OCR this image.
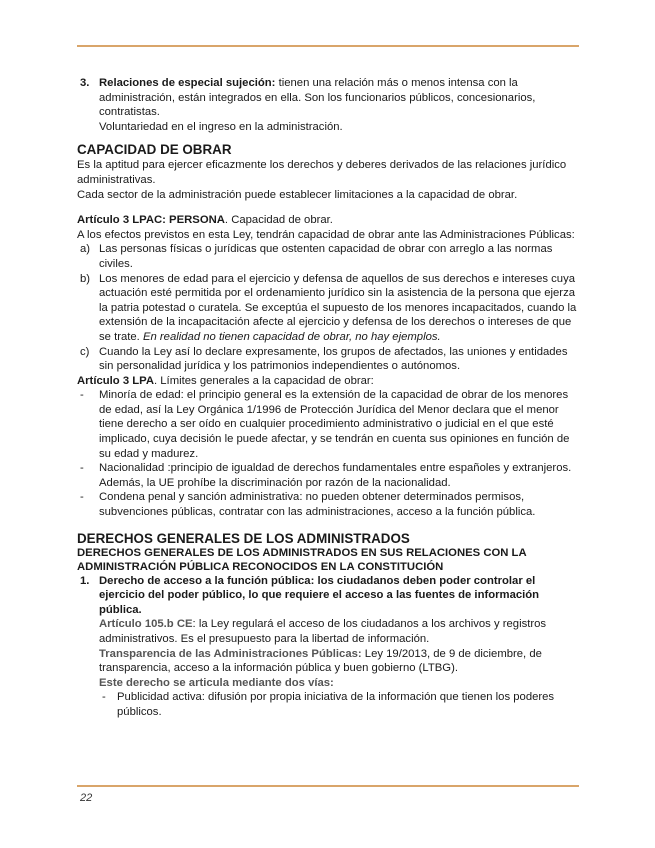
3. Relaciones de especial sujeción: tienen una relación más o menos intensa con la administración, están integrados en ella. Son los funcionarios públicos, concesionarios, contratistas.

Voluntariedad en el ingreso en la administración.

CAPACIDAD DE OBRAR

Es la aptitud para ejercer eficazmente los derechos y deberes derivados de las relaciones jurídico administrativas.

Cada sector de la administración puede establecer limitaciones a la capacidad de obrar.

Artículo 3 LPAC: PERSONA. Capacidad de obrar.

A los efectos previstos en esta Ley, tendrán capacidad de obrar ante las Administraciones Públicas:

a) Las personas físicas o jurídicas que ostenten capacidad de obrar con arreglo a las normas civiles.
b) Los menores de edad para el ejercicio y defensa de aquellos de sus derechos e intereses cuya actuación esté permitida por el ordenamiento jurídico sin la asistencia de la persona que ejerza la patria potestad o curatela. Se exceptúa el supuesto de los menores incapacitados, cuando la extensión de la incapacitación afecte al ejercicio y defensa de los derechos o intereses de que se trate. En realidad no tienen capacidad de obrar, no hay ejemplos.
c) Cuando la Ley así lo declare expresamente, los grupos de afectados, las uniones y entidades sin personalidad jurídica y los patrimonios independientes o autónomos.

Artículo 3 LPA. Límites generales a la capacidad de obrar:

-	Minoría de edad: el principio general es la extensión de la capacidad de obrar de los menores de edad, así la Ley Orgánica 1/1996 de Protección Jurídica del Menor declara que el menor tiene derecho a ser oído en cualquier procedimiento administrativo o judicial en el que esté implicado, cuya decisión le puede afectar, y se tendrán en cuenta sus opiniones en función de su edad y madurez.
-	Nacionalidad :principio de igualdad de derechos fundamentales entre españoles y extranjeros.
Además, la UE prohíbe la discriminación por razón de la nacionalidad.
-	Condena penal y sanción administrativa: no pueden obtener determinados permisos, subvenciones públicas, contratar con las administraciones, acceso a la función pública.
DERECHOS GENERALES DE LOS ADMINISTRADOS
DERECHOS GENERALES DE LOS ADMINISTRADOS EN SUS RELACIONES CON LA ADMINISTRACIÓN PÚBLICA RECONOCIDOS EN LA CONSTITUCIÓN
1. Derecho de acceso a la función pública: los ciudadanos deben poder controlar el ejercicio del poder público, lo que requiere el acceso a las fuentes de información pública.

Artículo 105.b CE: la Ley regulará el acceso de los ciudadanos a los archivos y registros administrativos. Es el presupuesto para la libertad de información.

Transparencia de las Administraciones Públicas: Ley 19/2013, de 9 de diciembre, de transparencia, acceso a la información pública y buen gobierno (LTBG).

Este derecho se articula mediante dos vías:

- Publicidad activa: difusión por propia iniciativa de la información que tienen los poderes públicos.
22
